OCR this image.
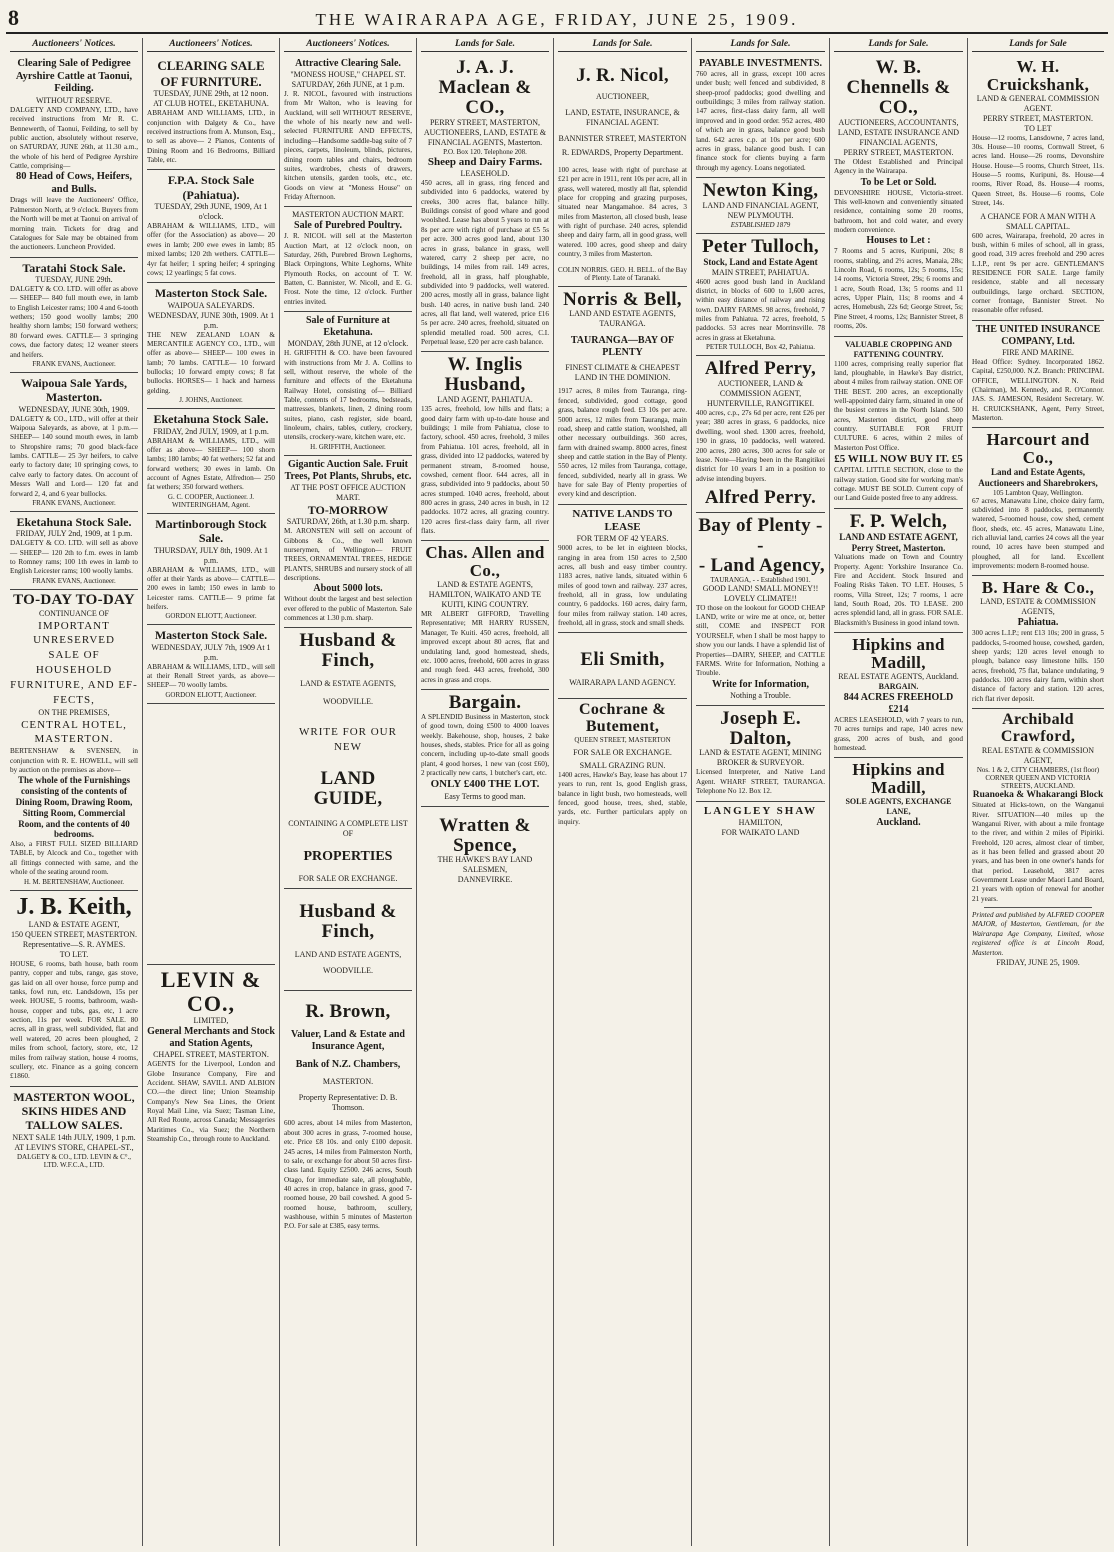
8	THE WAIRARAPA AGE, FRIDAY, JUNE 25, 1909.
Auctioneers' Notices.
Clearing Sale of Pedigree Ayrshire Cattle at Taonui, Feilding.
WITHOUT RESERVE.
DALGETY AND COMPANY, LTD., have received instructions from Mr R. C. Bennewerth, of Taonui, Feilding, to sell by public auction, absolutely without reserve, on SATURDAY, JUNE 26th, at 11.30 a.m., the whole of his herd of Pedigree Ayrshire Cattle, comprising—
80 Head of Cows, Heifers, and Bulls.
Drags will leave the Auctioneers' Office, Palmerston North, at 9 o'clock. Buyers from the North will be met at Taonui on arrival of morning train. Tickets for drag and Catalogues for Sale may be obtained from the auctioneers. Luncheon Provided.
Taratahi Stock Sale.
TUESDAY, JUNE 29th.
DALGETY & CO. LTD. will offer as above— SHEEP— 840 full mouth ewe, in lamb to English Leicester rams; 100 4 and 6-tooth wethers; 150 good woolly lambs; 200 healthy shorn lambs; 150 forward wethers; 80 forward ewes. CATTLE— 3 springing cows, due factory dates; 12 weaner steers and heifers.
FRANK EVANS, Auctioneer.
Waipoua Sale Yards, Masterton.
WEDNESDAY, JUNE 30th, 1909.
DALGETY & CO., LTD., will offer at their Waipoua Saleyards, as above, at 1 p.m.— SHEEP— 140 sound mouth ewes, in lamb to Shropshire rams; 70 good black-face lambs. CATTLE— 25 3yr heifers, to calve early to factory date; 10 springing cows, to calve early to factory dates. On account of Messrs Wall and Lord— 120 fat and forward 2, 4, and 6 year bullocks.
FRANK EVANS, Auctioneer.
Eketahuna Stock Sale.
FRIDAY, JULY 2nd, 1909, at 1 p.m.
DALGETY & CO. LTD. will sell as above— SHEEP— 120 2th to f.m. ewes in lamb to Romney rams; 100 1th ewes in lamb to English Leicester rams; 100 woolly lambs.
FRANK EVANS, Auctioneer.
TO-DAY TO-DAY
CONTINUANCE OF
IMPORTANT UNRESERVED
SALE OF HOUSEHOLD
FURNITURE, AND EF-
FECTS,
ON THE PREMISES,
CENTRAL HOTEL, MASTERTON.
BERTENSHAW & SVENSEN, in conjunction with R. E. HOWELL, will sell by auction on the premises as above—
The whole of the Furnishings consisting of the contents of Dining Room, Drawing Room, Sitting Room, Commercial Room, and the contents of 40 bedrooms.
Also, a FIRST FULL SIZED BILLIARD TABLE, by Alcock and Co., together with all fittings connected with same, and the whole of the seating around room.
H. M. BERTENSHAW, Auctioneer.
J. B. Keith,
LAND & ESTATE AGENT,
150 QUEEN STREET, MASTERTON.
Representative—S. R. AYMES.
TO LET.
HOUSE, 6 rooms, bath house, bath room pantry, copper and tubs, range, gas stove, gas laid on all over house, force pump and tanks, fowl run, etc. Landsdown, 15s per week. HOUSE, 5 rooms, bathroom, wash-house, copper and tubs, gas, etc, 1 acre section, 11s per week. FOR SALE. 80 acres, all in grass, well subdivided, flat and well watered, 20 acres been ploughed, 2 miles from school, factory, store, etc, 12 miles from railway station, house 4 rooms, scullery, etc. Finance as a going concern £1860.
MASTERTON WOOL, SKINS HIDES AND TALLOW SALES.
NEXT SALE 14th JULY, 1909, 1 p.m.
AT LEVIN'S STORE, CHAPEL-ST.,
DALGETY & CO., LTD. LEVIN & C°., LTD. W.F.C.A., LTD.
Auctioneers' Notices.
CLEARING SALE OF FURNITURE.
TUESDAY, JUNE 29th, at 12 noon.
AT CLUB HOTEL, EKETAHUNA.
ABRAHAM AND WILLIAMS, LTD., in conjunction with Dalgety & Co., have received instructions from A. Munson, Esq., to sell as above— 2 Pianos, Contents of Dining Room and 16 Bedrooms, Billiard Table, etc.
F.P.A. Stock Sale (Pahiatua).
TUESDAY, 29th JUNE, 1909, At 1 o'clock.
ABRAHAM & WILLIAMS, LTD., will offer (for the Association) as above— 20 ewes in lamb; 200 ewe ewes in lamb; 85 mixed lambs; 120 2th wethers. CATTLE— 4yr fat heifer; 1 spring heifer; 4 springing cows; 12 yearlings; 5 fat cows.
Masterton Stock Sale.
WAIPOUA SALEYARDS.
WEDNESDAY, JUNE 30th, 1909. At 1 p.m.
THE NEW ZEALAND LOAN & MERCANTILE AGENCY CO., LTD., will offer as above— SHEEP— 100 ewes in lamb; 70 lambs. CATTLE— 10 forward bullocks; 10 forward empty cows; 8 fat bullocks. HORSES— 1 hack and harness gelding.
J. JOHNS, Auctioneer.
Eketahuna Stock Sale.
FRIDAY, 2nd JULY, 1909, at 1 p.m.
ABRAHAM & WILLIAMS, LTD., will offer as above— SHEEP— 100 shorn lambs; 180 lambs; 40 fat wethers; 52 fat and forward wethers; 30 ewes in lamb. On account of Agnes Estate, Alfredton— 250 fat wethers; 350 forward wethers.
G. C. COOPER, Auctioneer. J. WINTERINGHAM, Agent.
Martinborough Stock Sale.
THURSDAY, JULY 8th, 1909. At 1 p.m.
ABRAHAM & WILLIAMS, LTD., will offer at their Yards as above— CATTLE— 200 ewes in lamb; 150 ewes in lamb to Leicester rams. CATTLE— 9 prime fat heifers.
GORDON ELIOTT, Auctioneer.
Masterton Stock Sale.
WEDNESDAY, JULY 7th, 1909 At 1 p.m.
ABRAHAM & WILLIAMS, LTD., will sell at their Renall Street yards, as above— SHEEP— 70 woolly lambs.
GORDON ELIOTT, Auctioneer.
LEVIN & CO.,
LIMITED,
General Merchants and Stock and Station Agents,
CHAPEL STREET, MASTERTON.
AGENTS for the Liverpool, London and Globe Insurance Company, Fire and Accident. SHAW, SAVILL AND ALBION CO.—the direct line; Union Steamship Company's New Sea Lines, the Orient Royal Mail Line, via Suez; Tasman Line, All Red Route, across Canada; Messageries Maritimes Co., via Suez; the Northern Steamship Co., through route to Auckland.
Auctioneers' Notices.
Attractive Clearing Sale.
"MONESS HOUSE," CHAPEL ST.
SATURDAY, 26th JUNE, at 1 p.m.
J. R. NICOL, favoured with instructions from Mr Walton, who is leaving for Auckland, will sell WITHOUT RESERVE, the whole of his nearly new and well-selected FURNITURE AND EFFECTS, including—Handsome saddle-bag suite of 7 pieces, carpets, linoleum, blinds, pictures, dining room tables and chairs, bedroom suites, wardrobes, chests of drawers, kitchen utensils, garden tools, etc., etc. Goods on view at "Moness House" on Friday Afternoon.
MASTERTON AUCTION MART.
Sale of Purebred Poultry.
J. R. NICOL will sell at the Masterton Auction Mart, at 12 o'clock noon, on Saturday, 26th, Purebred Brown Leghorns, Black Orpingtons, White Leghorns, White Plymouth Rocks, on account of T. W. Batten, C. Bannister, W. Nicoll, and E. G. Frost. Note the time, 12 o'clock. Further entries invited.
Sale of Furniture at Eketahuna.
MONDAY, 28th JUNE, at 12 o'clock.
H. GRIFFITH & CO. have been favoured with instructions from Mr J. A. Collins to sell, without reserve, the whole of the furniture and effects of the Eketahuna Railway Hotel, consisting of— Billiard Table, contents of 17 bedrooms, bedsteads, mattresses, blankets, linen, 2 dining room suites, piano, cash register, side board, linoleum, chairs, tables, cutlery, crockery, utensils, crockery-ware, kitchen ware, etc.
H. GRIFFITH, Auctioneer.
Gigantic Auction Sale. Fruit Trees, Pot Plants, Shrubs, etc.
AT THE POST OFFICE AUCTION MART.
TO-MORROW
SATURDAY, 26th, at 1.30 p.m. sharp.
M. ARONSTEN will sell on account of Gibbons & Co., the well known nurserymen, of Wellington— FRUIT TREES, ORNAMENTAL TREES, HEDGE PLANTS, SHRUBS and nursery stock of all descriptions.
About 5000 lots.
Without doubt the largest and best selection ever offered to the public of Masterton. Sale commences at 1.30 p.m. sharp.
Husband & Finch,
LAND & ESTATE AGENTS,
WOODVILLE.
WRITE FOR OUR NEW
LAND GUIDE,
CONTAINING A COMPLETE LIST OF
PROPERTIES
FOR SALE OR EXCHANGE.
Husband & Finch,
LAND AND ESTATE AGENTS,
WOODVILLE.
R. Brown,
Valuer, Land & Estate and Insurance Agent,
Bank of N.Z. Chambers,
MASTERTON.
Property Representative: D. B. Thomson.
600 acres, about 14 miles from Masterton, about 300 acres in grass, 7-roomed house, etc. Price £8 10s. and only £100 deposit. 245 acres, 14 miles from Palmerston North, to sale, or exchange for about 50 acres first-class land. Equity £2500. 246 acres, South Otago, for immediate sale, all ploughable, 40 acres in crop, balance in grass, good 7-roomed house, 20 bail cowshed. A good 5-roomed house, bathroom, scullery, washhouse, within 5 minutes of Masterton P.O. For sale at £385, easy terms.
Lands for Sale.
J. A. J. Maclean & CO.,
PERRY STREET, MASTERTON, AUCTIONEERS, LAND, ESTATE & FINANCIAL AGENTS, Masterton.
P.O. Box 120. Telephone 208.
Sheep and Dairy Farms.
LEASEHOLD.
450 acres, all in grass, ring fenced and subdivided into 6 paddocks, watered by creeks, 300 acres flat, balance hilly. Buildings consist of good whare and good woolshed. Lease has about 5 years to run at 8s per acre with right of purchase at £5 5s per acre. 300 acres good land, about 130 acres in grass, balance in grass, well watered, carry 2 sheep per acre, no buildings, 14 miles from rail. 149 acres, freehold, all in grass, half ploughable, subdivided into 9 paddocks, well watered. 200 acres, mostly all in grass, balance light bush. 140 acres, in native bush land. 240 acres, all flat land, well watered, price £16 5s per acre. 240 acres, freehold, situated on splendid metalled road. 500 acres, C.I. Perpetual lease, £20 per acre cash balance.
W. Inglis Husband,
LAND AGENT, PAHIATUA.
135 acres, freehold, low hills and flats; a good dairy farm with up-to-date house and buildings; 1 mile from Pahiatua, close to factory, school. 450 acres, freehold, 3 miles from Pahiatua. 101 acres, freehold, all in grass, divided into 12 paddocks, watered by permanent stream, 8-roomed house, cowshed, cement floor. 644 acres, all in grass, subdivided into 9 paddocks, about 50 acres stumped. 1040 acres, freehold, about 800 acres in grass, 240 acres in bush, in 12 paddocks. 1072 acres, all grazing country. 120 acres first-class dairy farm, all river flats.
Chas. Allen and Co.,
LAND & ESTATE AGENTS, HAMILTON, WAIKATO AND TE KUITI, KING COUNTRY.
MR ALBERT GIFFORD, Travelling Representative; MR HARRY RUSSEN, Manager, Te Kuiti. 450 acres, freehold, all improved except about 80 acres, flat and undulating land, good homestead, sheds, etc. 1000 acres, freehold, 600 acres in grass and rough feed. 443 acres, freehold, 300 acres in grass and crops.
Bargain.
A SPLENDID Business in Masterton, stock of good town, doing £500 to 4000 loaves weekly. Bakehouse, shop, houses, 2 bake houses, sheds, stables. Price for all as going concern, including up-to-date small goods plant, 4 good horses, 1 new van (cost £60), 2 practically new carts, 1 butcher's cart, etc.
ONLY £400 THE LOT.
Easy Terms to good man.
Wratten & Spence,
THE HAWKE'S BAY LAND SALESMEN,
DANNEVIRKE.
Lands for Sale.
J. R. Nicol,
AUCTIONEER,
LAND, ESTATE, INSURANCE, & FINANCIAL AGENT.
BANNISTER STREET, MASTERTON
R. EDWARDS, Property Department.
100 acres, lease with right of purchase at £21 per acre in 1911, rent 10s per acre, all in grass, well watered, mostly all flat, splendid place for cropping and grazing purposes, situated near Mangamahoe. 84 acres, 3 miles from Masterton, all closed bush, lease with right of purchase. 240 acres, splendid sheep and dairy farm, all in good grass, well watered. 100 acres, good sheep and dairy country, 3 miles from Masterton.
COLIN NORRIS. GEO. H. BELL. of the Bay of Plenty. Late of Taranaki.
Norris & Bell,
LAND AND ESTATE AGENTS, TAURANGA.
TAURANGA—BAY OF PLENTY
FINEST CLIMATE & CHEAPEST LAND IN THE DOMINION.
1917 acres, 8 miles from Tauranga, ring-fenced, subdivided, good cottage, good grass, balance rough feed. £3 10s per acre. 5000 acres, 12 miles from Tauranga, main road, sheep and cattle station, woolshed, all other necessary outbuildings. 360 acres, farm with drained swamp. 8000 acres, finest sheep and cattle station in the Bay of Plenty. 550 acres, 12 miles from Tauranga, cottage, fenced, subdivided, nearly all in grass. We have for sale Bay of Plenty properties of every kind and description.
NATIVE LANDS TO LEASE
FOR TERM OF 42 YEARS.
9000 acres, to be let in eighteen blocks, ranging in area from 150 acres to 2,500 acres, all bush and easy timber country. 1183 acres, native lands, situated within 6 miles of good town and railway. 237 acres, freehold, all in grass, low undulating country, 6 paddocks. 160 acres, dairy farm, four miles from railway station. 140 acres, freehold, all in grass, stock and small sheds.
Eli Smith,
WAIRARAPA LAND AGENCY.
Cochrane & Butement,
QUEEN STREET, MASTERTON
FOR SALE OR EXCHANGE.
SMALL GRAZING RUN.
1400 acres, Hawke's Bay, lease has about 17 years to run, rent 1s, good English grass, balance in light bush, two homesteads, well fenced, good house, trees, shed, stable, yards, etc. Further particulars apply on inquiry.
Lands for Sale.
PAYABLE INVESTMENTS.
760 acres, all in grass, except 100 acres under bush; well fenced and subdivided, 8 sheep-proof paddocks; good dwelling and outbuildings; 3 miles from railway station. 147 acres, first-class dairy farm, all well improved and in good order. 952 acres, 480 of which are in grass, balance good bush land. 642 acres c.p. at 10s per acre; 600 acres in grass, balance good bush. I can finance stock for clients buying a farm through my agency. Loans negotiated.
Newton King,
LAND AND FINANCIAL AGENT, NEW PLYMOUTH.
ESTABLISHED 1879
Peter Tulloch,
Stock, Land and Estate Agent
MAIN STREET, PAHIATUA.
4600 acres good bush land in Auckland district, in blocks of 600 to 1,600 acres, within easy distance of railway and rising town. DAIRY FARMS. 98 acres, freehold, 7 miles from Pahiatua. 72 acres, freehold, 5 paddocks. 53 acres near Morrinsville. 78 acres in grass at Eketahuna.
PETER TULLOCH, Box 42, Pahiatua.
Alfred Perry,
AUCTIONEER, LAND & COMMISSION AGENT, HUNTERVILLE, RANGITIKEI.
400 acres, c.p., 27s 6d per acre, rent £26 per year; 380 acres in grass, 6 paddocks, nice dwelling, wool shed. 1300 acres, freehold, 190 in grass, 10 paddocks, well watered. 200 acres, 280 acres, 300 acres for sale or lease. Note—Having been in the Rangitikei district for 10 years I am in a position to advise intending buyers.
Alfred Perry.
Bay of Plenty - -
- Land Agency,
TAURANGA, - - Established 1901.
GOOD LAND! SMALL MONEY!! LOVELY CLIMATE!!
TO those on the lookout for GOOD CHEAP LAND, write or wire me at once, or, better still, COME and INSPECT FOR YOURSELF, when I shall be most happy to show you our lands. I have a splendid list of Properties—DAIRY, SHEEP, and CATTLE FARMS. Write for Information, Nothing a Trouble.
Write for Information,
Nothing a Trouble.
Joseph E. Dalton,
LAND & ESTATE AGENT, MINING BROKER & SURVEYOR.
Licensed Interpreter, and Native Land Agent. WHARF STREET, TAURANGA. Telephone No 12. Box 12.
LANGLEY SHAW
HAMILTON,
FOR WAIKATO LAND
Lands for Sale.
W. B. Chennells & CO.,
AUCTIONEERS, ACCOUNTANTS, LAND, ESTATE INSURANCE AND FINANCIAL AGENTS,
PERRY STREET, MASTERTON.
The Oldest Established and Principal Agency in the Wairarapa.
To be Let or Sold.
DEVONSHIRE HOUSE, Victoria-street. This well-known and conveniently situated residence, containing some 20 rooms, bathroom, hot and cold water, and every modern convenience.
Houses to Let :
7 Rooms and 5 acres, Kuripuni, 20s; 8 rooms, stabling, and 2½ acres, Manaia, 28s; Lincoln Road, 6 rooms, 12s; 5 rooms, 15s; 14 rooms, Victoria Street, 29s; 6 rooms and 1 acre, South Road, 13s; 5 rooms and 11 acres, Upper Plain, 11s; 8 rooms and 4 acres, Homebush, 22s 6d; George Street, 5s; Pine Street, 4 rooms, 12s; Bannister Street, 8 rooms, 20s.
VALUABLE CROPPING AND FATTENING COUNTRY.
1100 acres, comprising really superior flat land, ploughable, in Hawke's Bay district, about 4 miles from railway station. ONE OF THE BEST. 200 acres, an exceptionally well-appointed dairy farm, situated in one of the busiest centres in the North Island. 500 acres, Masterton district, good sheep country. SUITABLE FOR FRUIT CULTURE. 6 acres, within 2 miles of Masterton Post Office.
£5 WILL NOW BUY IT. £5
CAPITAL LITTLE SECTION, close to the railway station. Good site for working man's cottage. MUST BE SOLD. Current copy of our Land Guide posted free to any address.
F. P. Welch,
LAND AND ESTATE AGENT, Perry Street, Masterton.
Valuations made on Town and Country Property. Agent: Yorkshire Insurance Co. Fire and Accident. Stock Insured and Foaling Risks Taken. TO LET. Houses, 5 rooms, Villa Street, 12s; 7 rooms, 1 acre land, South Road, 20s. TO LEASE. 200 acres splendid land, all in grass. FOR SALE. Blacksmith's Business in good inland town.
Hipkins and Madill,
REAL ESTATE AGENTS, Auckland.
BARGAIN.
844 ACRES FREEHOLD £214
ACRES LEASEHOLD, with 7 years to run, 70 acres turnips and rape, 140 acres new grass, 200 acres of bush, and good homestead.
Hipkins and Madill,
SOLE AGENTS, EXCHANGE LANE,
Auckland.
Lands for Sale
W. H. Cruickshank,
LAND & GENERAL COMMISSION AGENT.
PERRY STREET, MASTERTON.
TO LET
House—12 rooms, Lansdowne, 7 acres land, 30s. House—10 rooms, Cornwall Street, 6 acres land. House—26 rooms, Devonshire House. House—5 rooms, Church Street, 11s. House—5 rooms, Kuripuni, 8s. House—4 rooms, River Road, 8s. House—4 rooms, Queen Street, 8s. House—6 rooms, Cole Street, 14s.
A CHANCE FOR A MAN WITH A SMALL CAPITAL.
600 acres, Wairarapa, freehold, 20 acres in bush, within 6 miles of school, all in grass, good road, 319 acres freehold and 290 acres L.I.P., rent 9s per acre. GENTLEMAN'S RESIDENCE FOR SALE. Large family residence, stable and all necessary outbuildings, large orchard. SECTION, corner frontage, Bannister Street. No reasonable offer refused.
THE UNITED INSURANCE COMPANY, Ltd.
FIRE AND MARINE.
Head Office: Sydney. Incorporated 1862. Capital, £250,000. N.Z. Branch: PRINCIPAL OFFICE, WELLINGTON. N. Reid (Chairman), M. Kennedy, and R. O'Connor. JAS. S. JAMESON, Resident Secretary. W. H. CRUICKSHANK, Agent, Perry Street, Masterton.
Harcourt and Co.,
Land and Estate Agents, Auctioneers and Sharebrokers,
105 Lambton Quay, Wellington.
67 acres, Manawatu Line, choice dairy farm, subdivided into 8 paddocks, permanently watered, 5-roomed house, cow shed, cement floor, sheds, etc. 45 acres, Manawatu Line, rich alluvial land, carries 24 cows all the year round, 10 acres have been stumped and ploughed, all for land. Excellent improvements: modern 8-roomed house.
B. Hare & Co.,
LAND, ESTATE & COMMISSION AGENTS,
Pahiatua.
300 acres L.I.P.; rent £13 10s; 200 in grass, 5 paddocks, 5-roomed house, cowshed, garden, sheep yards; 120 acres level enough to plough, balance easy limestone hills. 150 acres, freehold, 75 flat, balance undulating, 9 paddocks. 100 acres dairy farm, within short distance of factory and station. 120 acres, rich flat river deposit.
Archibald Crawford,
REAL ESTATE & COMMISSION AGENT,
Nos. 1 & 2, CITY CHAMBERS, (1st floor) CORNER QUEEN AND VICTORIA STREETS, AUCKLAND.
Ruanoeka & Whakarangi Block
Situated at Hicks-town, on the Wanganui River. SITUATION—40 miles up the Wanganui River, with about a mile frontage to the river, and within 2 miles of Pipiriki. Freehold, 120 acres, almost clear of timber, as it has been felled and grassed about 20 years, and has been in one owner's hands for that period. Leasehold, 3817 acres Government Lease under Maori Land Board, 21 years with option of renewal for another 21 years.
Printed and published by ALFRED COOPER MAJOR, of Masterton, Gentleman, for the Wairarapa Age Company, Limited, whose registered office is at Lincoln Road, Masterton.
FRIDAY, JUNE 25, 1909.
